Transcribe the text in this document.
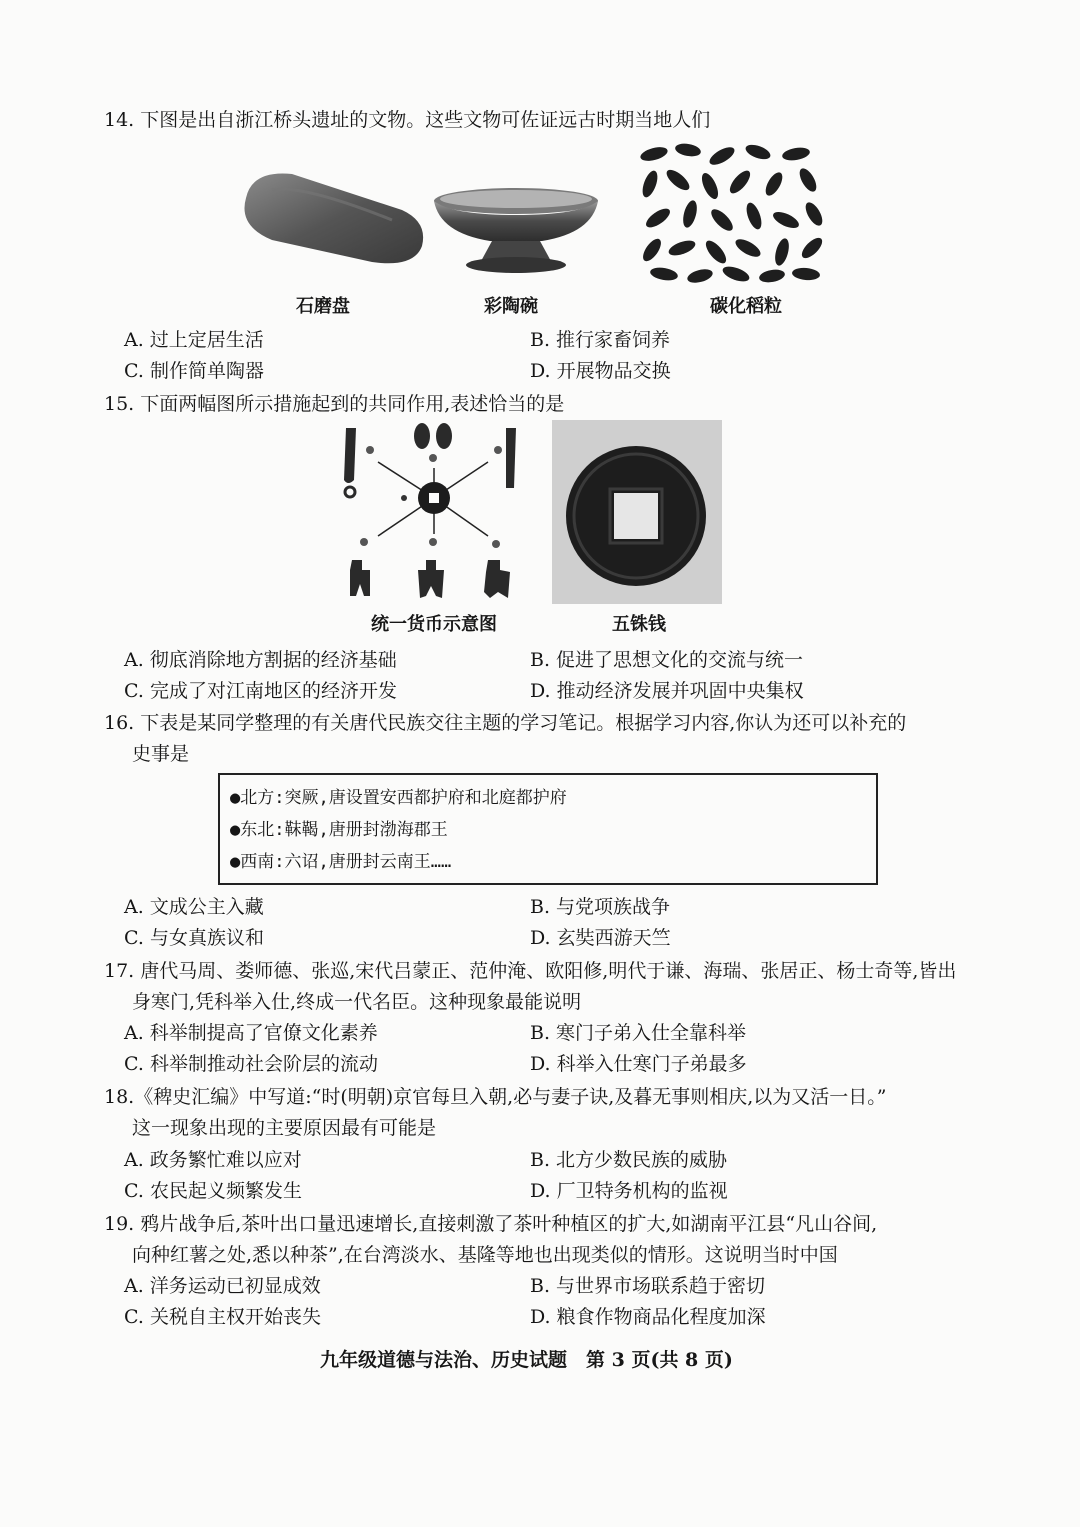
14. 下图是出自浙江桥头遗址的文物。这些文物可佐证远古时期当地人们
石磨盘	彩陶碗	碳化稻粒
A. 过上定居生活	B. 推行家畜饲养
C. 制作简单陶器	D. 开展物品交换
15. 下面两幅图所示措施起到的共同作用,表述恰当的是
统一货币示意图	五铢钱
A. 彻底消除地方割据的经济基础	B. 促进了思想文化的交流与统一
C. 完成了对江南地区的经济开发	D. 推动经济发展并巩固中央集权
16. 下表是某同学整理的有关唐代民族交往主题的学习笔记。根据学习内容,你认为还可以补充的
史事是
●北方:突厥,唐设置安西都护府和北庭都护府
●东北:靺鞨,唐册封渤海郡王
●西南:六诏,唐册封云南王……
A. 文成公主入藏	B. 与党项族战争
C. 与女真族议和	D. 玄奘西游天竺
17. 唐代马周、娄师德、张巡,宋代吕蒙正、范仲淹、欧阳修,明代于谦、海瑞、张居正、杨士奇等,皆出
身寒门,凭科举入仕,终成一代名臣。这种现象最能说明
A. 科举制提高了官僚文化素养	B. 寒门子弟入仕全靠科举
C. 科举制推动社会阶层的流动	D. 科举入仕寒门子弟最多
18.《稗史汇编》中写道:“时(明朝)京官每旦入朝,必与妻子诀,及暮无事则相庆,以为又活一日。”
这一现象出现的主要原因最有可能是
A. 政务繁忙难以应对	B. 北方少数民族的威胁
C. 农民起义频繁发生	D. 厂卫特务机构的监视
19. 鸦片战争后,茶叶出口量迅速增长,直接刺激了茶叶种植区的扩大,如湖南平江县“凡山谷间,
向种红薯之处,悉以种茶”,在台湾淡水、基隆等地也出现类似的情形。这说明当时中国
A. 洋务运动已初显成效	B. 与世界市场联系趋于密切
C. 关税自主权开始丧失	D. 粮食作物商品化程度加深
九年级道德与法治、历史试题　第 3 页(共 8 页)
